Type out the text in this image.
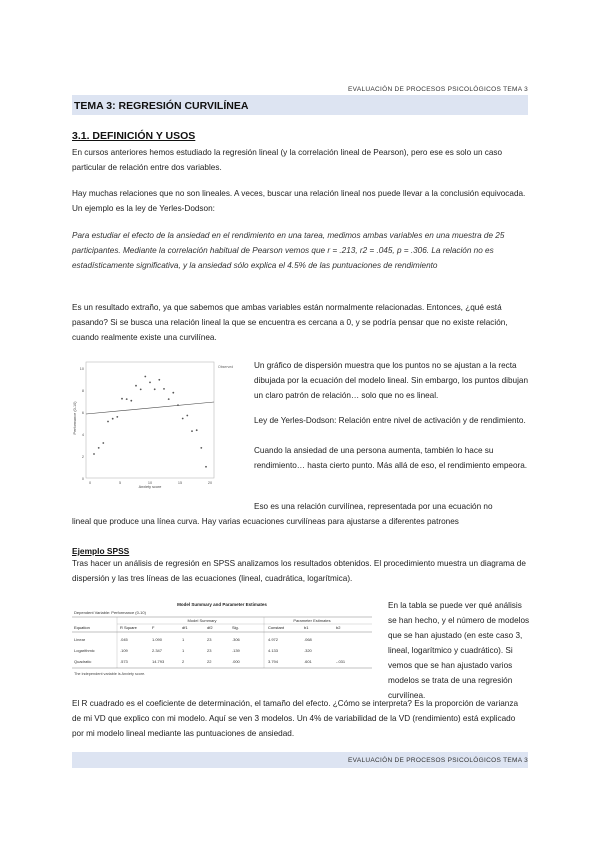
EVALUACIÓN DE PROCESOS PSICOLÓGICOS TEMA 3
TEMA 3: REGRESIÓN CURVILÍNEA
3.1. DEFINICIÓN Y USOS

En cursos anteriores hemos estudiado la regresión lineal (y la correlación lineal de Pearson), pero ese es solo un caso particular de relación entre dos variables.

Hay muchas relaciones que no son lineales. A veces, buscar una relación lineal nos puede llevar a la conclusión equivocada. Un ejemplo es la ley de Yerles-Dodson:

Para estudiar el efecto de la ansiedad en el rendimiento en una tarea, medimos ambas variables en una muestra de 25 participantes. Mediante la correlación habitual de Pearson vemos que r = .213, r2 = .045, p = .306. La relación no es estadísticamente significativa, y la ansiedad sólo explica el 4.5% de las puntuaciones de rendimiento

Es un resultado extraño, ya que sabemos que ambas variables están normalmente relacionadas. Entonces, ¿qué está pasando? Si se busca una relación lineal la que se encuentra es cercana a 0, y se podría pensar que no existe relación, cuando realmente existe una curvilínea.

Observed
Performance (0-10)
Anxiety score
0	5	10	15	20
10
8
6
4
2
0

Un gráfico de dispersión muestra que los puntos no se ajustan a la recta dibujada por la ecuación del modelo lineal. Sin embargo, los puntos dibujan un claro patrón de relación… solo que no es lineal.

Ley de Yerles-Dodson: Relación entre nivel de activación y de rendimiento.

Cuando la ansiedad de una persona aumenta, también lo hace su rendimiento… hasta cierto punto. Más allá de eso, el rendimiento empeora.

Eso es una relación curvilínea, representada por una ecuación no

lineal que produce una línea curva. Hay varias ecuaciones curvilíneas para ajustarse a diferentes patrones

Ejemplo SPSS

Tras hacer un análisis de regresión en SPSS analizamos los resultados obtenidos. El procedimiento muestra un diagrama de dispersión y las tres líneas de las ecuaciones (lineal, cuadrática, logarítmica).

Model Summary and Parameter Estimates
Dependent Variable: Performance (0-10)
Model Summary	Parameter Estimates
Equation	R Square	F	df1	df2	Sig.	Constant	b1	b2
Linear	.045	1.090	1	23	.306	4.972	.068
Logarithmic	.109	2.347	1	23	.139	4.133	.320
Quadratic	.573	14.793	2	22	.000	3.794	.601	-.031
The independent variable is Anxiety score.

En la tabla se puede ver qué análisis se han hecho, y el número de modelos que se han ajustado (en este caso 3, lineal, logarítmico y cuadrático). Si vemos que se han ajustado varios modelos se trata de una regresión curvilínea.

El R cuadrado es el coeficiente de determinación, el tamaño del efecto. ¿Cómo se interpreta? Es la proporción de varianza de mi VD que explico con mi modelo. Aquí se ven 3 modelos. Un 4% de variabilidad de la VD (rendimiento) está explicado por mi modelo lineal mediante las puntuaciones de ansiedad.

EVALUACIÓN DE PROCESOS PSICOLÓGICOS TEMA 3
